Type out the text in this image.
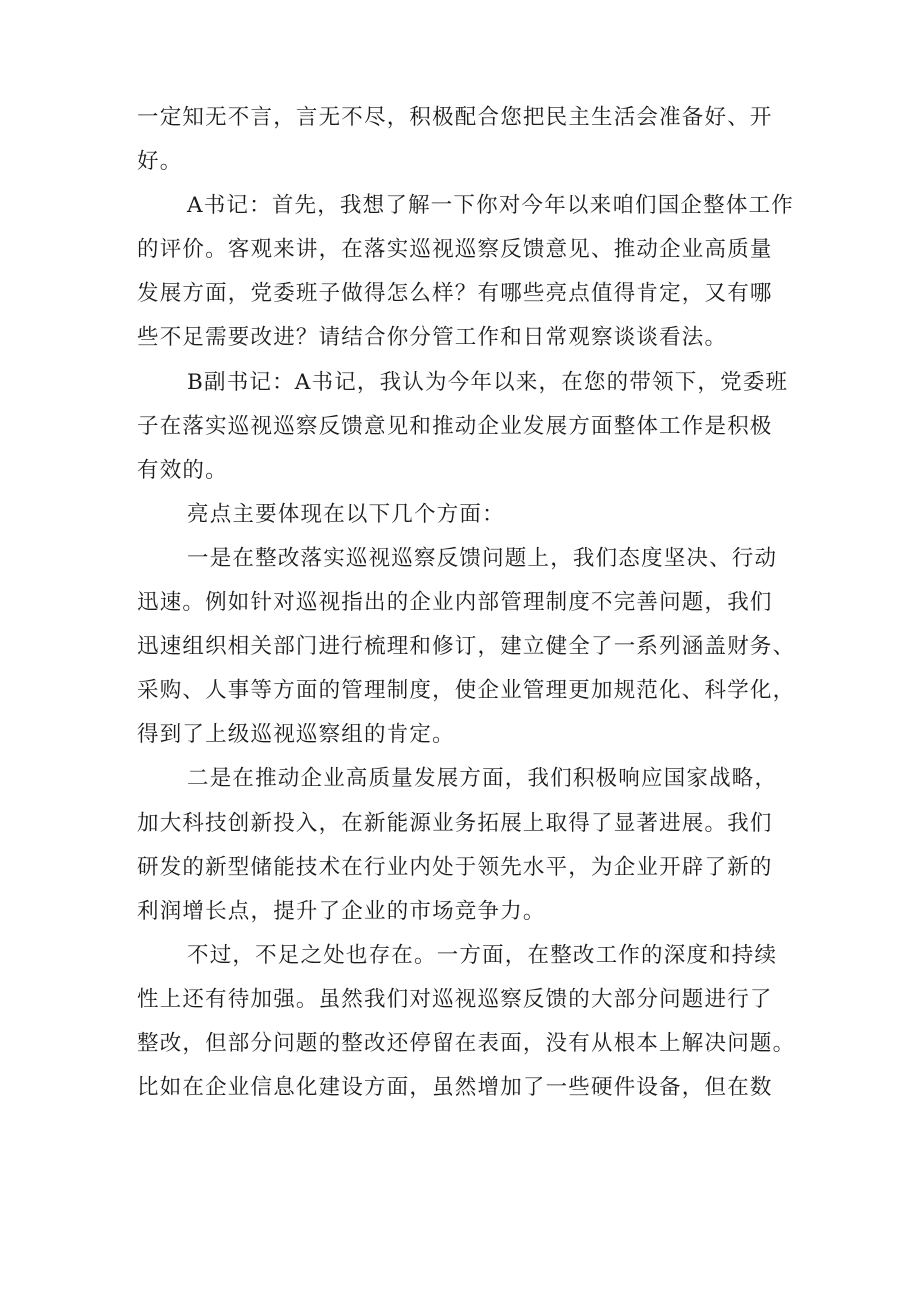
一定知无不言，言无不尽，积极配合您把民主生活会准备好、开
好。

A书记：首先，我想了解一下你对今年以来咱们国企整体工作
的评价。客观来讲，在落实巡视巡察反馈意见、推动企业高质量
发展方面，党委班子做得怎么样？有哪些亮点值得肯定，又有哪
些不足需要改进？请结合你分管工作和日常观察谈谈看法。

B副书记：A书记，我认为今年以来，在您的带领下，党委班
子在落实巡视巡察反馈意见和推动企业发展方面整体工作是积极
有效的。

亮点主要体现在以下几个方面：

一是在整改落实巡视巡察反馈问题上，我们态度坚决、行动
迅速。例如针对巡视指出的企业内部管理制度不完善问题，我们
迅速组织相关部门进行梳理和修订，建立健全了一系列涵盖财务、
采购、人事等方面的管理制度，使企业管理更加规范化、科学化，
得到了上级巡视巡察组的肯定。

二是在推动企业高质量发展方面，我们积极响应国家战略，
加大科技创新投入，在新能源业务拓展上取得了显著进展。我们
研发的新型储能技术在行业内处于领先水平，为企业开辟了新的
利润增长点，提升了企业的市场竞争力。

不过，不足之处也存在。一方面，在整改工作的深度和持续
性上还有待加强。虽然我们对巡视巡察反馈的大部分问题进行了
整改，但部分问题的整改还停留在表面，没有从根本上解决问题。
比如在企业信息化建设方面，虽然增加了一些硬件设备，但在数
